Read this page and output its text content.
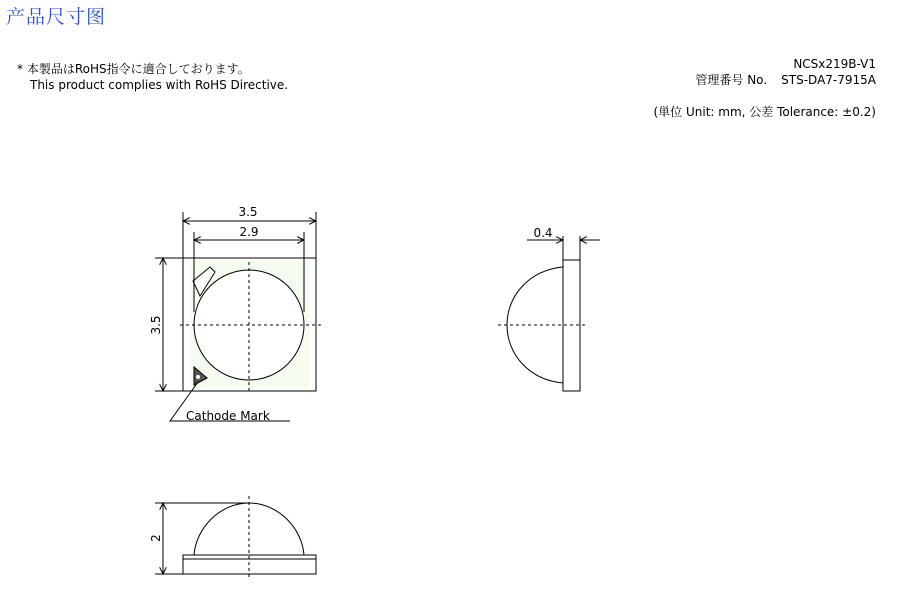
产品尺寸图
* 本製品はRoHS指令に適合しております。
This product complies with RoHS Directive.
NCSx219B-V1
管理番号 No. STS-DA7-7915A
(単位 Unit: mm, 公差 Tolerance: ±0.2)
3.5
2.9
3.5
Cathode Mark
0.4
2
